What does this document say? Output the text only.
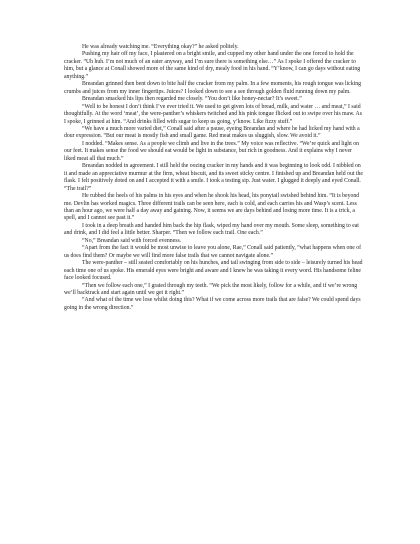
He was already watching me. “Everything okay?” he asked politely.

Pushing my hair off my face, I plastered on a bright smile, and cupped my other hand under the one forced to hold the cracker. “Uh huh. I’m not much of an eater anyway, and I’m sure there is something else…” As I spoke I offered the cracker to him, but a glance at Conall showed more of the same kind of dry, mealy food in his hand. “Y’know, I can go days without eating anything.”

Breandan grinned then bent down to bite half the cracker from my palm. In a few moments, his rough tongue was licking crumbs and juices from my inner fingertips. Juices? I looked down to see a see through golden fluid running down my palm.

Breandan smacked his lips then regarded me closely. “You don’t like honey-nectar? It’s sweet.”

“Well to be honest I don’t think I’ve ever tried it. We used to get given lots of bread, milk, and water … and meat,” I said thoughtfully. At the word ‘meat’, the were-panther’s whiskers twitched and his pink tongue flicked out to swipe over his maw. As I spoke, I grinned at him. “And drinks filled with sugar to keep us going, y’know. Like fizzy stuff.”

“We have a much more varied diet,” Conall said after a pause, eyeing Breandan and where he had licked my hand with a dour expression. “But our meat is mostly fish and small game. Red meat makes us sluggish, slow. We avoid it.”

I nodded. “Makes sense. As a people we climb and live in the trees.” My voice was reflective. “We’re quick and light on our feet. It makes sense the food we should eat would be light in substance, but rich in goodness. And it explains why I never liked meat all that much.”

Breandan nodded in agreement. I still held the oozing cracker in my hands and it was beginning to look odd. I nibbled on it and made an appreciative murmur at the firm, wheat biscuit, and its sweet sticky centre. I finished up and Breandan held out the flask. I felt positively doted on and I accepted it with a smile. I took a testing sip. Just water. I glugged it deeply and eyed Conall. “The trail?”

He rubbed the heels of his palms in his eyes and when he shook his head, his ponytail swished behind him. “It is beyond me. Devlin has worked magics. Three different trails can be seen here, each is cold, and each carries his and Wasp’s scent. Less than an hour ago, we were half a day away and gaining. Now, it seems we are days behind and losing more time. It is a trick, a spell, and I cannot see past it.”

I took in a deep breath and handed him back the hip flask, wiped my hand over my mouth. Some sleep, something to eat and drink, and I did feel a little better. Sharper. “Then we follow each trail. One each.”

“No,” Breandan said with forced evenness.

“Apart from the fact it would be most unwise to leave you alone, Rae,” Conall said patiently, “what happens when one of us does find them? Or maybe we will find more false trails that we cannot navigate alone.”

The were-panther – still seated comfortably on his hunches, and tail swinging from side to side – leisurely turned his head each time one of us spoke. His emerald eyes were bright and aware and I knew he was taking it every word. His handsome feline face looked focused.

“Then we follow each one,” I grated through my teeth. “We pick the most likely, follow for a while, and if we’re wrong we’ll backtrack and start again until we get it right.”

“And what of the time we lose whilst doing this? What if we come across more trails that are false? We could spend days going in the wrong direction.”
